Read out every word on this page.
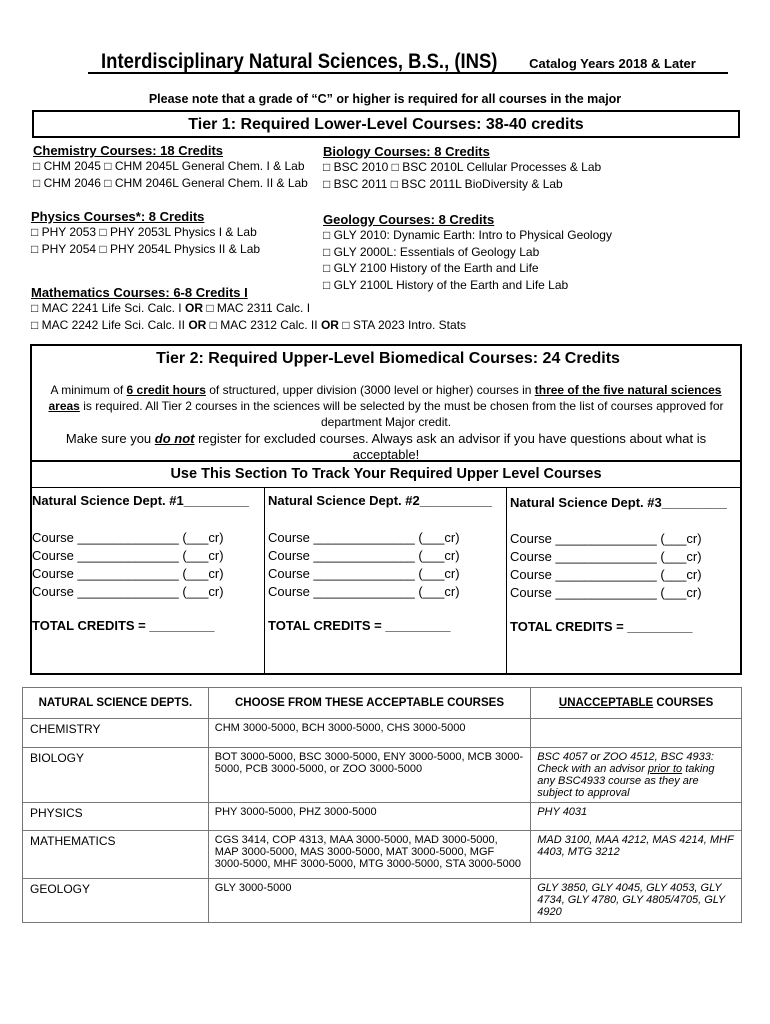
Interdisciplinary Natural Sciences, B.S., (INS) Catalog Years 2018 & Later
Please note that a grade of “C” or higher is required for all courses in the major
Tier 1: Required Lower-Level Courses: 38-40 credits
Chemistry Courses: 18 Credits
□ CHM 2045 □ CHM 2045L General Chem. I & Lab
□ CHM 2046 □ CHM 2046L General Chem. II & Lab
Biology Courses: 8 Credits
□ BSC 2010 □ BSC 2010L Cellular Processes & Lab
□ BSC 2011 □ BSC 2011L BioDiversity & Lab
Physics Courses*: 8 Credits
□ PHY 2053 □ PHY 2053L Physics I & Lab
□ PHY 2054 □ PHY 2054L Physics II & Lab
Geology Courses: 8 Credits
□ GLY 2010: Dynamic Earth: Intro to Physical Geology
□ GLY 2000L: Essentials of Geology Lab
□ GLY 2100 History of the Earth and Life
□ GLY 2100L History of the Earth and Life Lab
Mathematics Courses: 6-8 Credits I
□ MAC 2241 Life Sci. Calc. I OR □ MAC 2311 Calc. I
□ MAC 2242 Life Sci. Calc. II OR □ MAC 2312 Calc. II OR □ STA 2023 Intro. Stats
Tier 2: Required Upper-Level Biomedical Courses: 24 Credits
A minimum of 6 credit hours of structured, upper division (3000 level or higher) courses in three of the five natural sciences areas is required. All Tier 2 courses in the sciences will be selected by the must be chosen from the list of courses approved for department Major credit.
Make sure you do not register for excluded courses. Always ask an advisor if you have questions about what is acceptable!
Use This Section To Track Your Required Upper Level Courses
Natural Science Dept. #1_________
Course ______________ (___cr)
Course ______________ (___cr)
Course ______________ (___cr)
Course ______________ (___cr)
TOTAL CREDITS = _________
Natural Science Dept. #2__________
Course ______________ (___cr)
Course ______________ (___cr)
Course ______________ (___cr)
Course ______________ (___cr)
TOTAL CREDITS = _________
Natural Science Dept. #3_________
Course ______________ (___cr)
Course ______________ (___cr)
Course ______________ (___cr)
Course ______________ (___cr)
TOTAL CREDITS = _________
NATURAL SCIENCE DEPTS.	CHOOSE FROM THESE ACCEPTABLE COURSES	UNACCEPTABLE COURSES
CHEMISTRY	CHM 3000-5000, BCH 3000-5000, CHS 3000-5000	
BIOLOGY	BOT 3000-5000, BSC 3000-5000, ENY 3000-5000, MCB 3000-5000, PCB 3000-5000, or ZOO 3000-5000	BSC 4057 or ZOO 4512, BSC 4933: Check with an advisor prior to taking any BSC4933 course as they are subject to approval
PHYSICS	PHY 3000-5000, PHZ 3000-5000	PHY 4031
MATHEMATICS	CGS 3414, COP 4313, MAA 3000-5000, MAD 3000-5000, MAP 3000-5000, MAS 3000-5000, MAT 3000-5000, MGF 3000-5000, MHF 3000-5000, MTG 3000-5000, STA 3000-5000	MAD 3100, MAA 4212, MAS 4214, MHF 4403, MTG 3212
GEOLOGY	GLY 3000-5000	GLY 3850, GLY 4045, GLY 4053, GLY 4734, GLY 4780, GLY 4805/4705, GLY 4920
